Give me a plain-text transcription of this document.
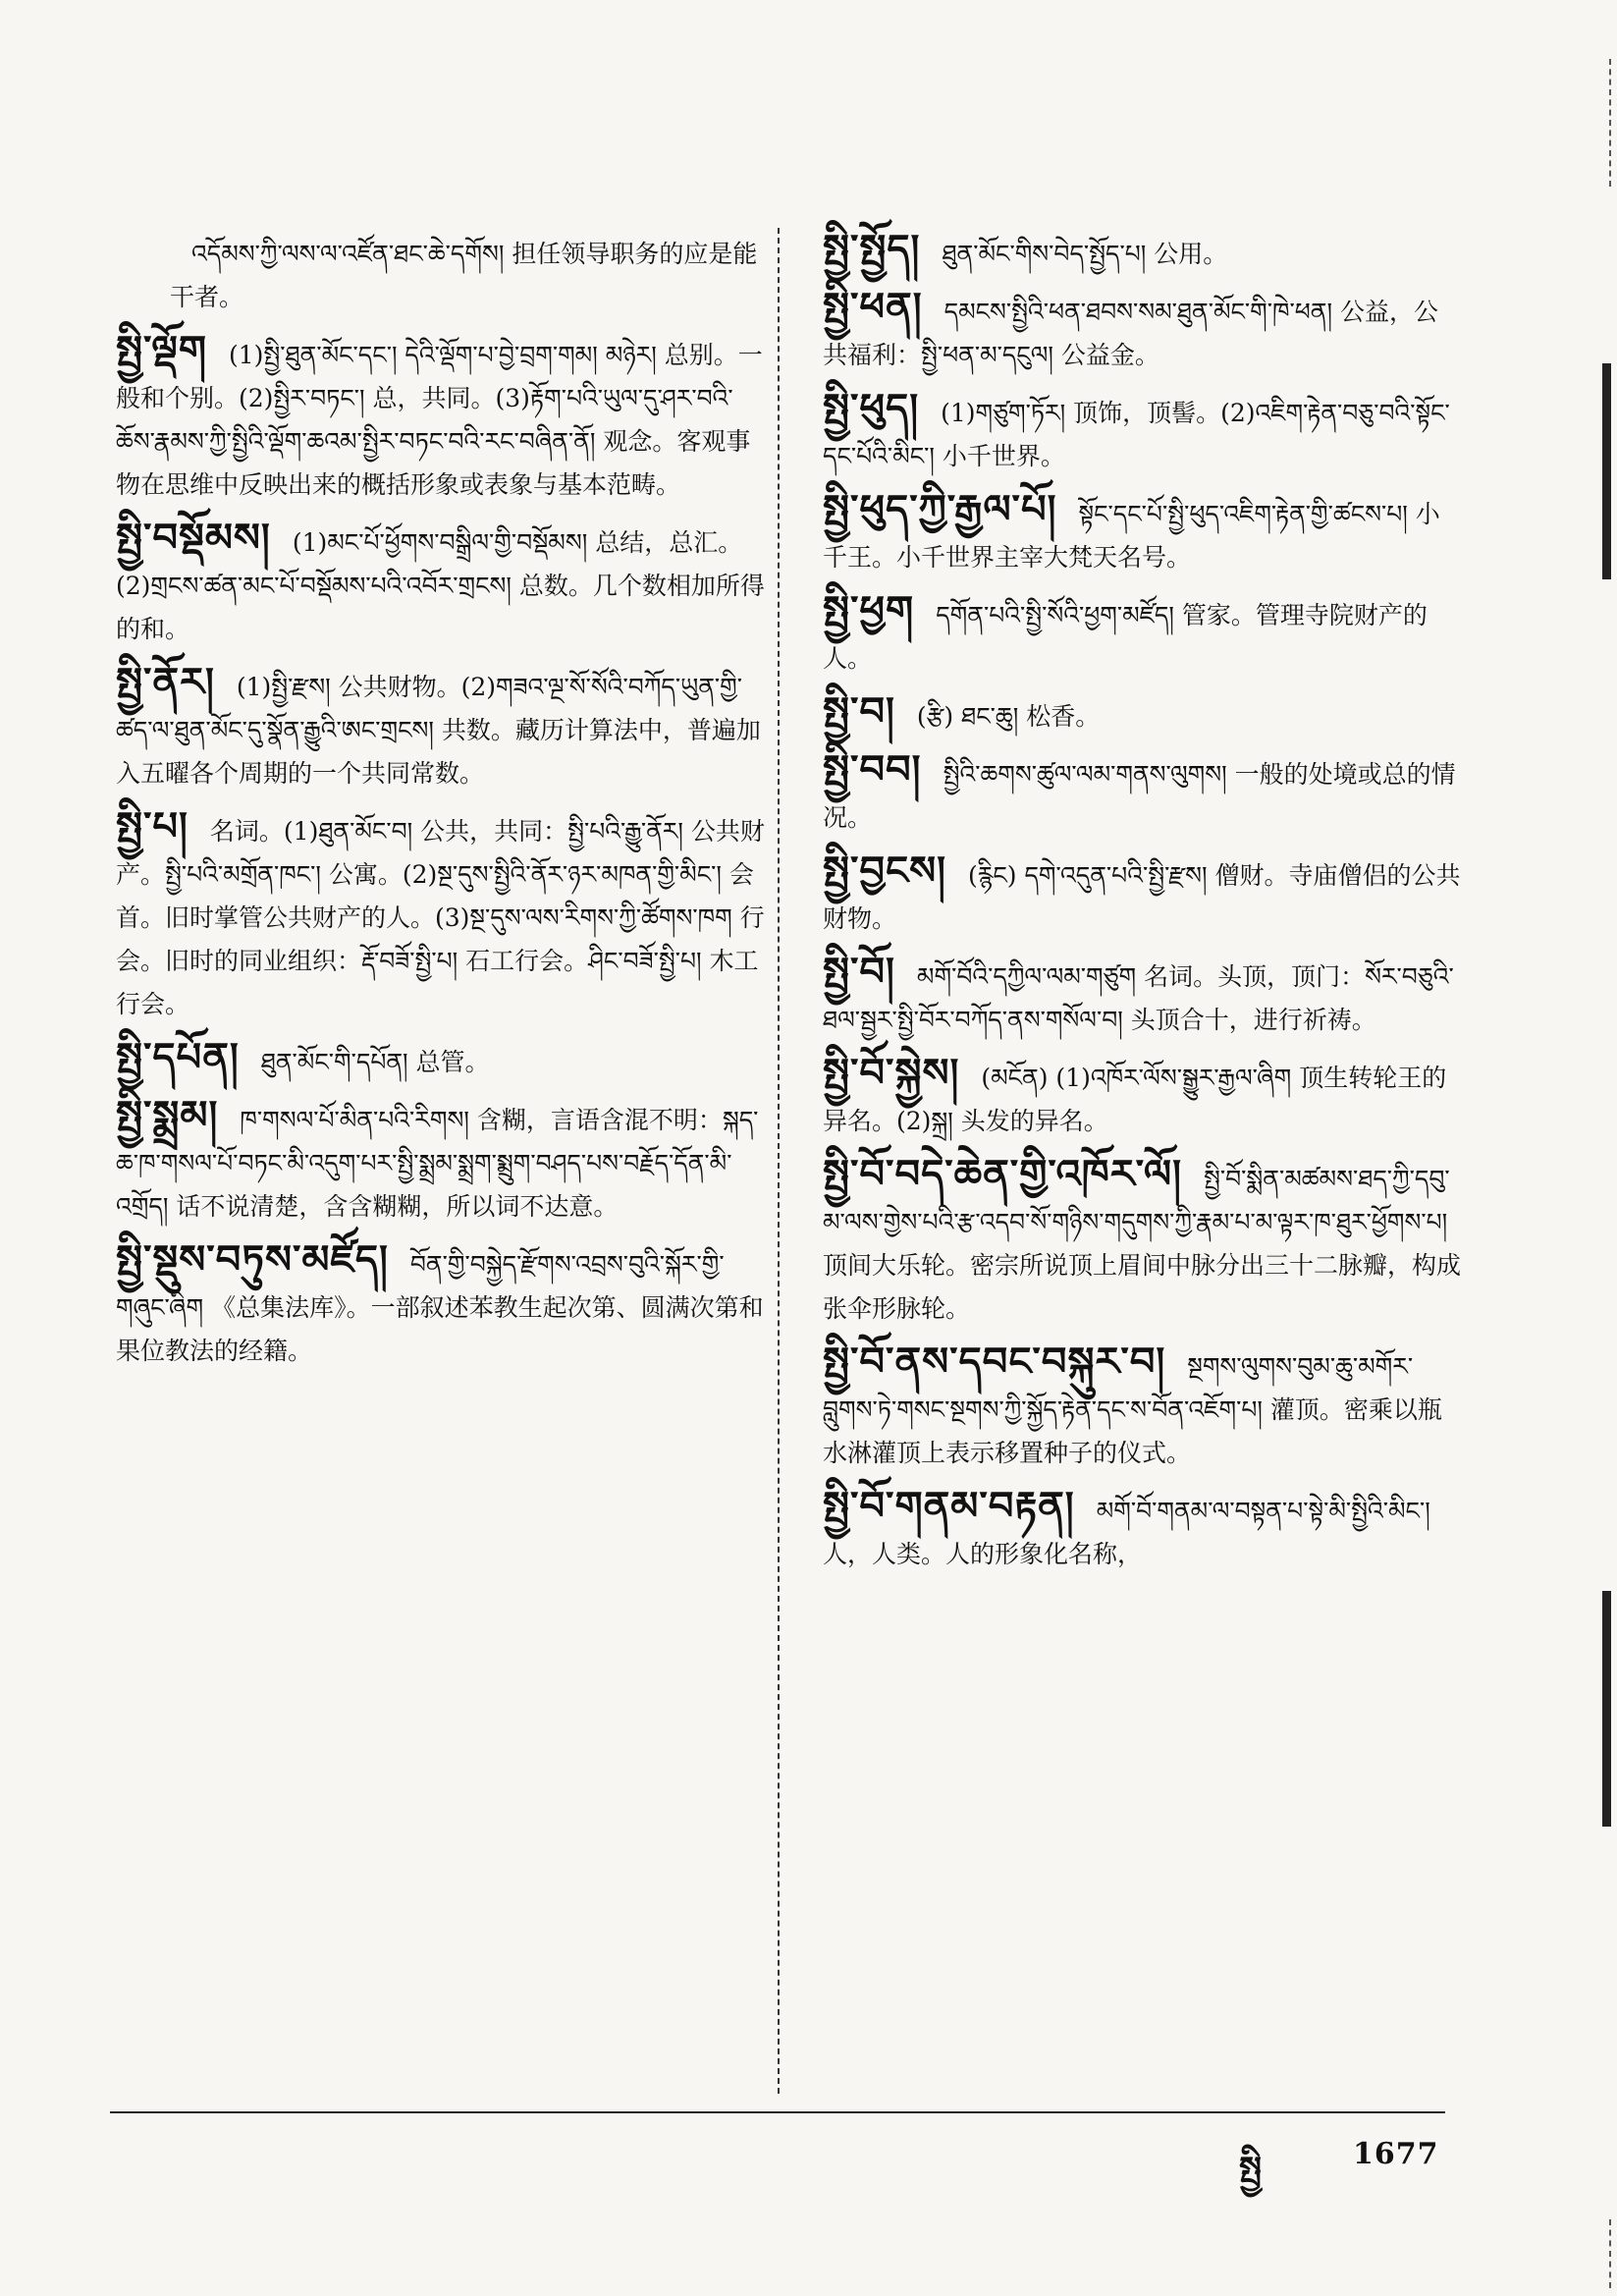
འདོམས་ཀྱི་ལས་ལ་འཛོན་ཐང་ཆེ་དགོས། 担任领导职务的应是能干者。
སྤྱི་ལྡོག (1)སྤྱི་ཐུན་མོང་དང་། དེའི་ལྡོག་པ་བྱེ་བྲག་གམ། མཉེར། 总别。一般和个别。(2)སྤྱིར་བཏང་། 总，共同。(3)རྟོག་པའི་ཡུལ་དུ་ཤར་བའི་ཆོས་རྣམས་ཀྱི་སྤྱིའི་ལྡོག་ཆའམ་སྤྱིར་བཏང་བའི་རང་བཞིན་ནོ། 观念。客观事物在思维中反映出来的概括形象或表象与基本范畴。
སྤྱི་བསྡོམས། (1)མང་པོ་ཕྱོགས་བསྒྲིལ་གྱི་བསྡོམས། 总结，总汇。(2)གྲངས་ཚན་མང་པོ་བསྡོམས་པའི་འབོར་གྲངས། 总数。几个数相加所得的和。
སྤྱི་ནོར། (1)སྤྱི་རྫས། 公共财物。(2)གཟའ་ལྔ་སོ་སོའི་བཀོད་ཡུན་གྱི་ཚད་ལ་ཐུན་མོང་དུ་སྣོན་རྒྱུའི་ཨང་གྲངས། 共数。藏历计算法中，普遍加入五曜各个周期的一个共同常数。
སྤྱི་པ། 名词。(1)ཐུན་མོང་བ། 公共，共同：སྤྱི་པའི་རྒྱུ་ནོར། 公共财产。སྤྱི་པའི་མགྲོན་ཁང་། 公寓。(2)སྔ་དུས་སྤྱིའི་ནོར་ཉར་མཁན་གྱི་མིང་། 会首。旧时掌管公共财产的人。(3)སྔ་དུས་ལས་རིགས་ཀྱི་ཚོགས་ཁག 行会。旧时的同业组织：རྡོ་བཟོ་སྤྱི་པ། 石工行会。ཤིང་བཟོ་སྤྱི་པ། 木工行会。
སྤྱི་དཔོན། ཐུན་མོང་གི་དཔོན། 总管。
སྤྱི་སྨྲམ། ཁ་གསལ་པོ་མིན་པའི་རིགས། 含糊，言语含混不明：སྐད་ཆ་ཁ་གསལ་པོ་བཏང་མི་འདུག་པར་སྤྱི་སྨྲམ་སྨྲག་སྨྲུག་བཤད་པས་བརྗོད་དོན་མི་འགྲོད། 话不说清楚，含含糊糊，所以词不达意。
སྤྱི་སྡུས་བཏུས་མཛོད། བོན་གྱི་བསྐྱེད་རྫོགས་འབྲས་བུའི་སྐོར་གྱི་གཞུང་ཞིག 《总集法库》。一部叙述苯教生起次第、圆满次第和果位教法的经籍。
སྤྱི་སྤྱོད། ཐུན་མོང་གིས་བེད་སྤྱོད་པ། 公用。
སྤྱི་ཕན། དམངས་སྤྱིའི་ཕན་ཐབས་སམ་ཐུན་མོང་གི་ཁེ་ཕན། 公益，公共福利：སྤྱི་ཕན་མ་དངུལ། 公益金。
སྤྱི་ཕུད། (1)གཙུག་ཏོར། 顶饰，顶髻。(2)འཇིག་རྟེན་བཅུ་བའི་སྟོང་དང་པོའི་མིང་། 小千世界。
སྤྱི་ཕུད་ཀྱི་རྒྱལ་པོ། སྟོང་དང་པོ་སྤྱི་ཕུད་འཇིག་རྟེན་གྱི་ཚངས་པ། 小千王。小千世界主宰大梵天名号。
སྤྱི་ཕྱག དགོན་པའི་སྤྱི་སོའི་ཕྱག་མཛོད། 管家。管理寺院财产的人。
སྤྱི་བ། (རྩི) ཐང་ཆུ། 松香。
སྤྱི་བབ། སྤྱིའི་ཆགས་ཚུལ་ལམ་གནས་ལུགས། 一般的处境或总的情况。
སྤྱི་བྱངས། (རྙིང) དགེ་འདུན་པའི་སྤྱི་རྫས། 僧财。寺庙僧侣的公共财物。
སྤྱི་བོ། མགོ་བོའི་དཀྱིལ་ལམ་གཙུག 名词。头顶，顶门：སོར་བཅུའི་ཐལ་སྦྱར་སྤྱི་བོར་བཀོད་ནས་གསོལ་བ། 头顶合十，进行祈祷。
སྤྱི་བོ་སྐྱེས། (མངོན) (1)འཁོར་ལོས་སྒྱུར་རྒྱལ་ཞིག 顶生转轮王的异名。(2)སྐྲ། 头发的异名。
སྤྱི་བོ་བདེ་ཆེན་གྱི་འཁོར་ལོ། སྤྱི་བོ་སྨིན་མཚམས་ཐད་ཀྱི་དབུ་མ་ལས་གྱེས་པའི་རྩ་འདབ་སོ་གཉིས་གདུགས་ཀྱི་རྣམ་པ་མ་ལྟར་ཁ་ཐུར་ཕྱོགས་པ། 顶间大乐轮。密宗所说顶上眉间中脉分出三十二脉瓣，构成张伞形脉轮。
སྤྱི་བོ་ནས་དབང་བསྐུར་བ། སྔགས་ལུགས་བུམ་ཆུ་མགོར་བླུགས་ཏེ་གསང་སྔགས་ཀྱི་སྐྱོད་རྟེན་དང་ས་བོན་འཇོག་པ། 灌顶。密乘以瓶水淋灌顶上表示移置种子的仪式。
སྤྱི་བོ་གནམ་བརྟན། མགོ་བོ་གནམ་ལ་བསྟན་པ་སྟེ་མི་སྤྱིའི་མིང་། 人，人类。人的形象化名称，
སྤྱི	1677
